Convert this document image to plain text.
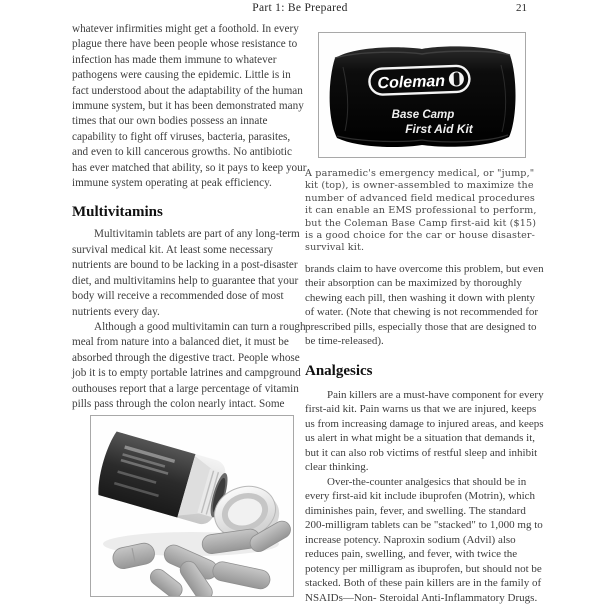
Part 1: Be Prepared	21

whatever infirmities might get a foothold. In every plague there have been people whose resistance to infection has made them immune to whatever pathogens were causing the epidemic. Little is in fact understood about the adaptability of the human immune system, but it has been demonstrated many times that our own bodies possess an innate capability to fight off viruses, bacteria, parasites, and even to kill cancerous growths. No antibiotic has ever matched that ability, so it pays to keep your immune system operating at peak efficiency.

Multivitamins

Multivitamin tablets are part of any long-term survival medical kit. At least some necessary nutrients are bound to be lacking in a post-disaster diet, and multivitamins help to guarantee that your body will receive a recommended dose of most nutrients every day.

Although a good multivitamin can turn a rough meal from nature into a balanced diet, it must be absorbed through the digestive tract. People whose job it is to empty portable latrines and campground outhouses report that a large percentage of vitamin pills pass through the colon nearly intact. Some

Coleman
Base Camp
First Aid Kit
A paramedic's emergency medical, or "jump," kit (top), is owner-assembled to maximize the number of advanced field medical procedures it can enable an EMS professional to perform, but the Coleman Base Camp first-aid kit ($15) is a good choice for the car or house disaster-survival kit.

brands claim to have overcome this problem, but even their absorption can be maximized by thoroughly chewing each pill, then washing it down with plenty of water. (Note that chewing is not recommended for prescribed pills, especially those that are designed to be time-released).

Analgesics

Pain killers are a must-have component for every first-aid kit. Pain warns us that we are injured, keeps us from increasing damage to injured areas, and keeps us alert in what might be a situation that demands it, but it can also rob victims of restful sleep and inhibit clear thinking.

Over-the-counter analgesics that should be in every first-aid kit include ibuprofen (Motrin), which diminishes pain, fever, and swelling. The standard 200-milligram tablets can be "stacked" to 1,000 mg to increase potency. Naproxin sodium (Advil) also reduces pain, swelling, and fever, with twice the potency per milligram as ibuprofen, but should not be stacked. Both of these pain killers are in the family of NSAIDs—Non- Steroidal Anti-Inflammatory Drugs.
